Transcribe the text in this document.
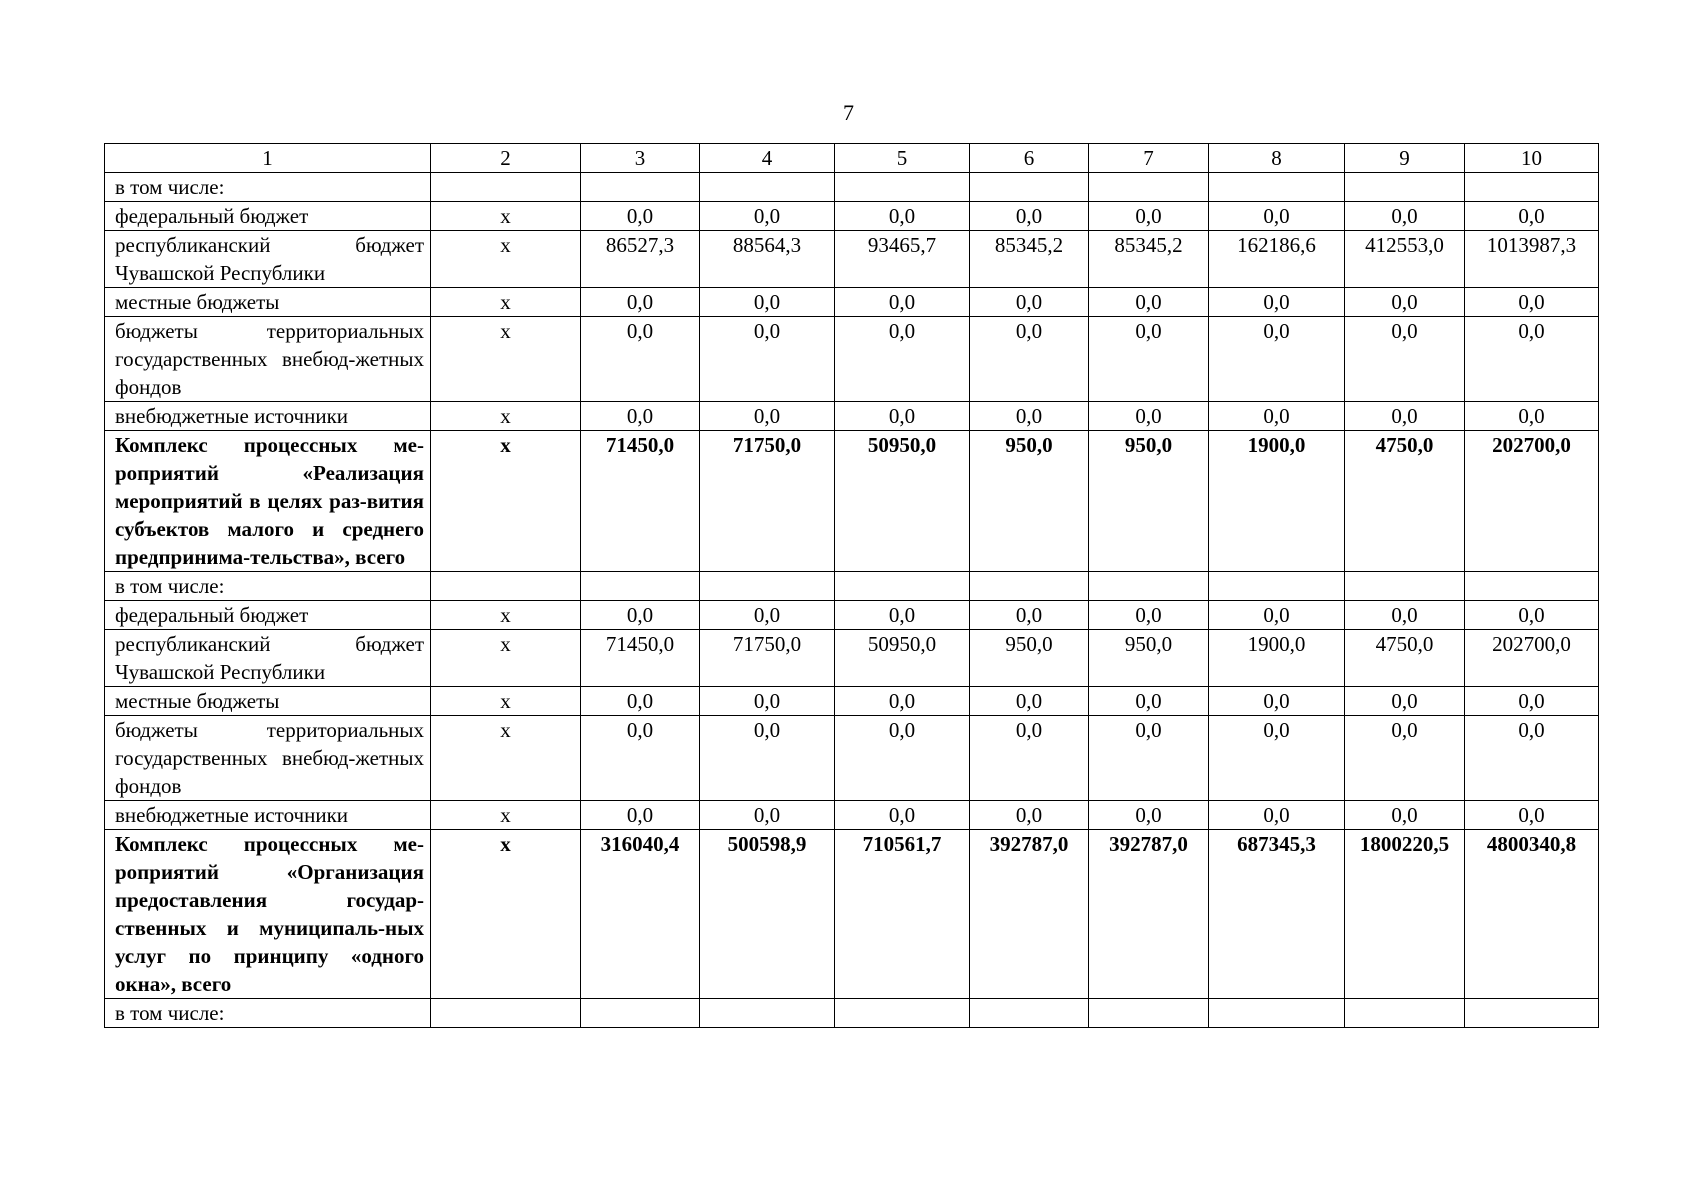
7
1	2	3	4	5	6	7	8	9	10
в том числе:									
федеральный бюджет	x	0,0	0,0	0,0	0,0	0,0	0,0	0,0	0,0
республиканский бюджет Чувашской Республики	x	86527,3	88564,3	93465,7	85345,2	85345,2	162186,6	412553,0	1013987,3
местные бюджеты	x	0,0	0,0	0,0	0,0	0,0	0,0	0,0	0,0
бюджеты территориальных государственных внебюд-жетных фондов	x	0,0	0,0	0,0	0,0	0,0	0,0	0,0	0,0
внебюджетные источники	x	0,0	0,0	0,0	0,0	0,0	0,0	0,0	0,0
Комплекс процессных ме-роприятий «Реализация мероприятий в целях раз-вития субъектов малого и среднего предпринима-тельства», всего	x	71450,0	71750,0	50950,0	950,0	950,0	1900,0	4750,0	202700,0
в том числе:									
федеральный бюджет	x	0,0	0,0	0,0	0,0	0,0	0,0	0,0	0,0
республиканский бюджет Чувашской Республики	x	71450,0	71750,0	50950,0	950,0	950,0	1900,0	4750,0	202700,0
местные бюджеты	x	0,0	0,0	0,0	0,0	0,0	0,0	0,0	0,0
бюджеты территориальных государственных внебюд-жетных фондов	x	0,0	0,0	0,0	0,0	0,0	0,0	0,0	0,0
внебюджетные источники	x	0,0	0,0	0,0	0,0	0,0	0,0	0,0	0,0
Комплекс процессных ме-роприятий «Организация предоставления государ-ственных и муниципаль-ных услуг по принципу «одного окна», всего	x	316040,4	500598,9	710561,7	392787,0	392787,0	687345,3	1800220,5	4800340,8
в том числе:									
